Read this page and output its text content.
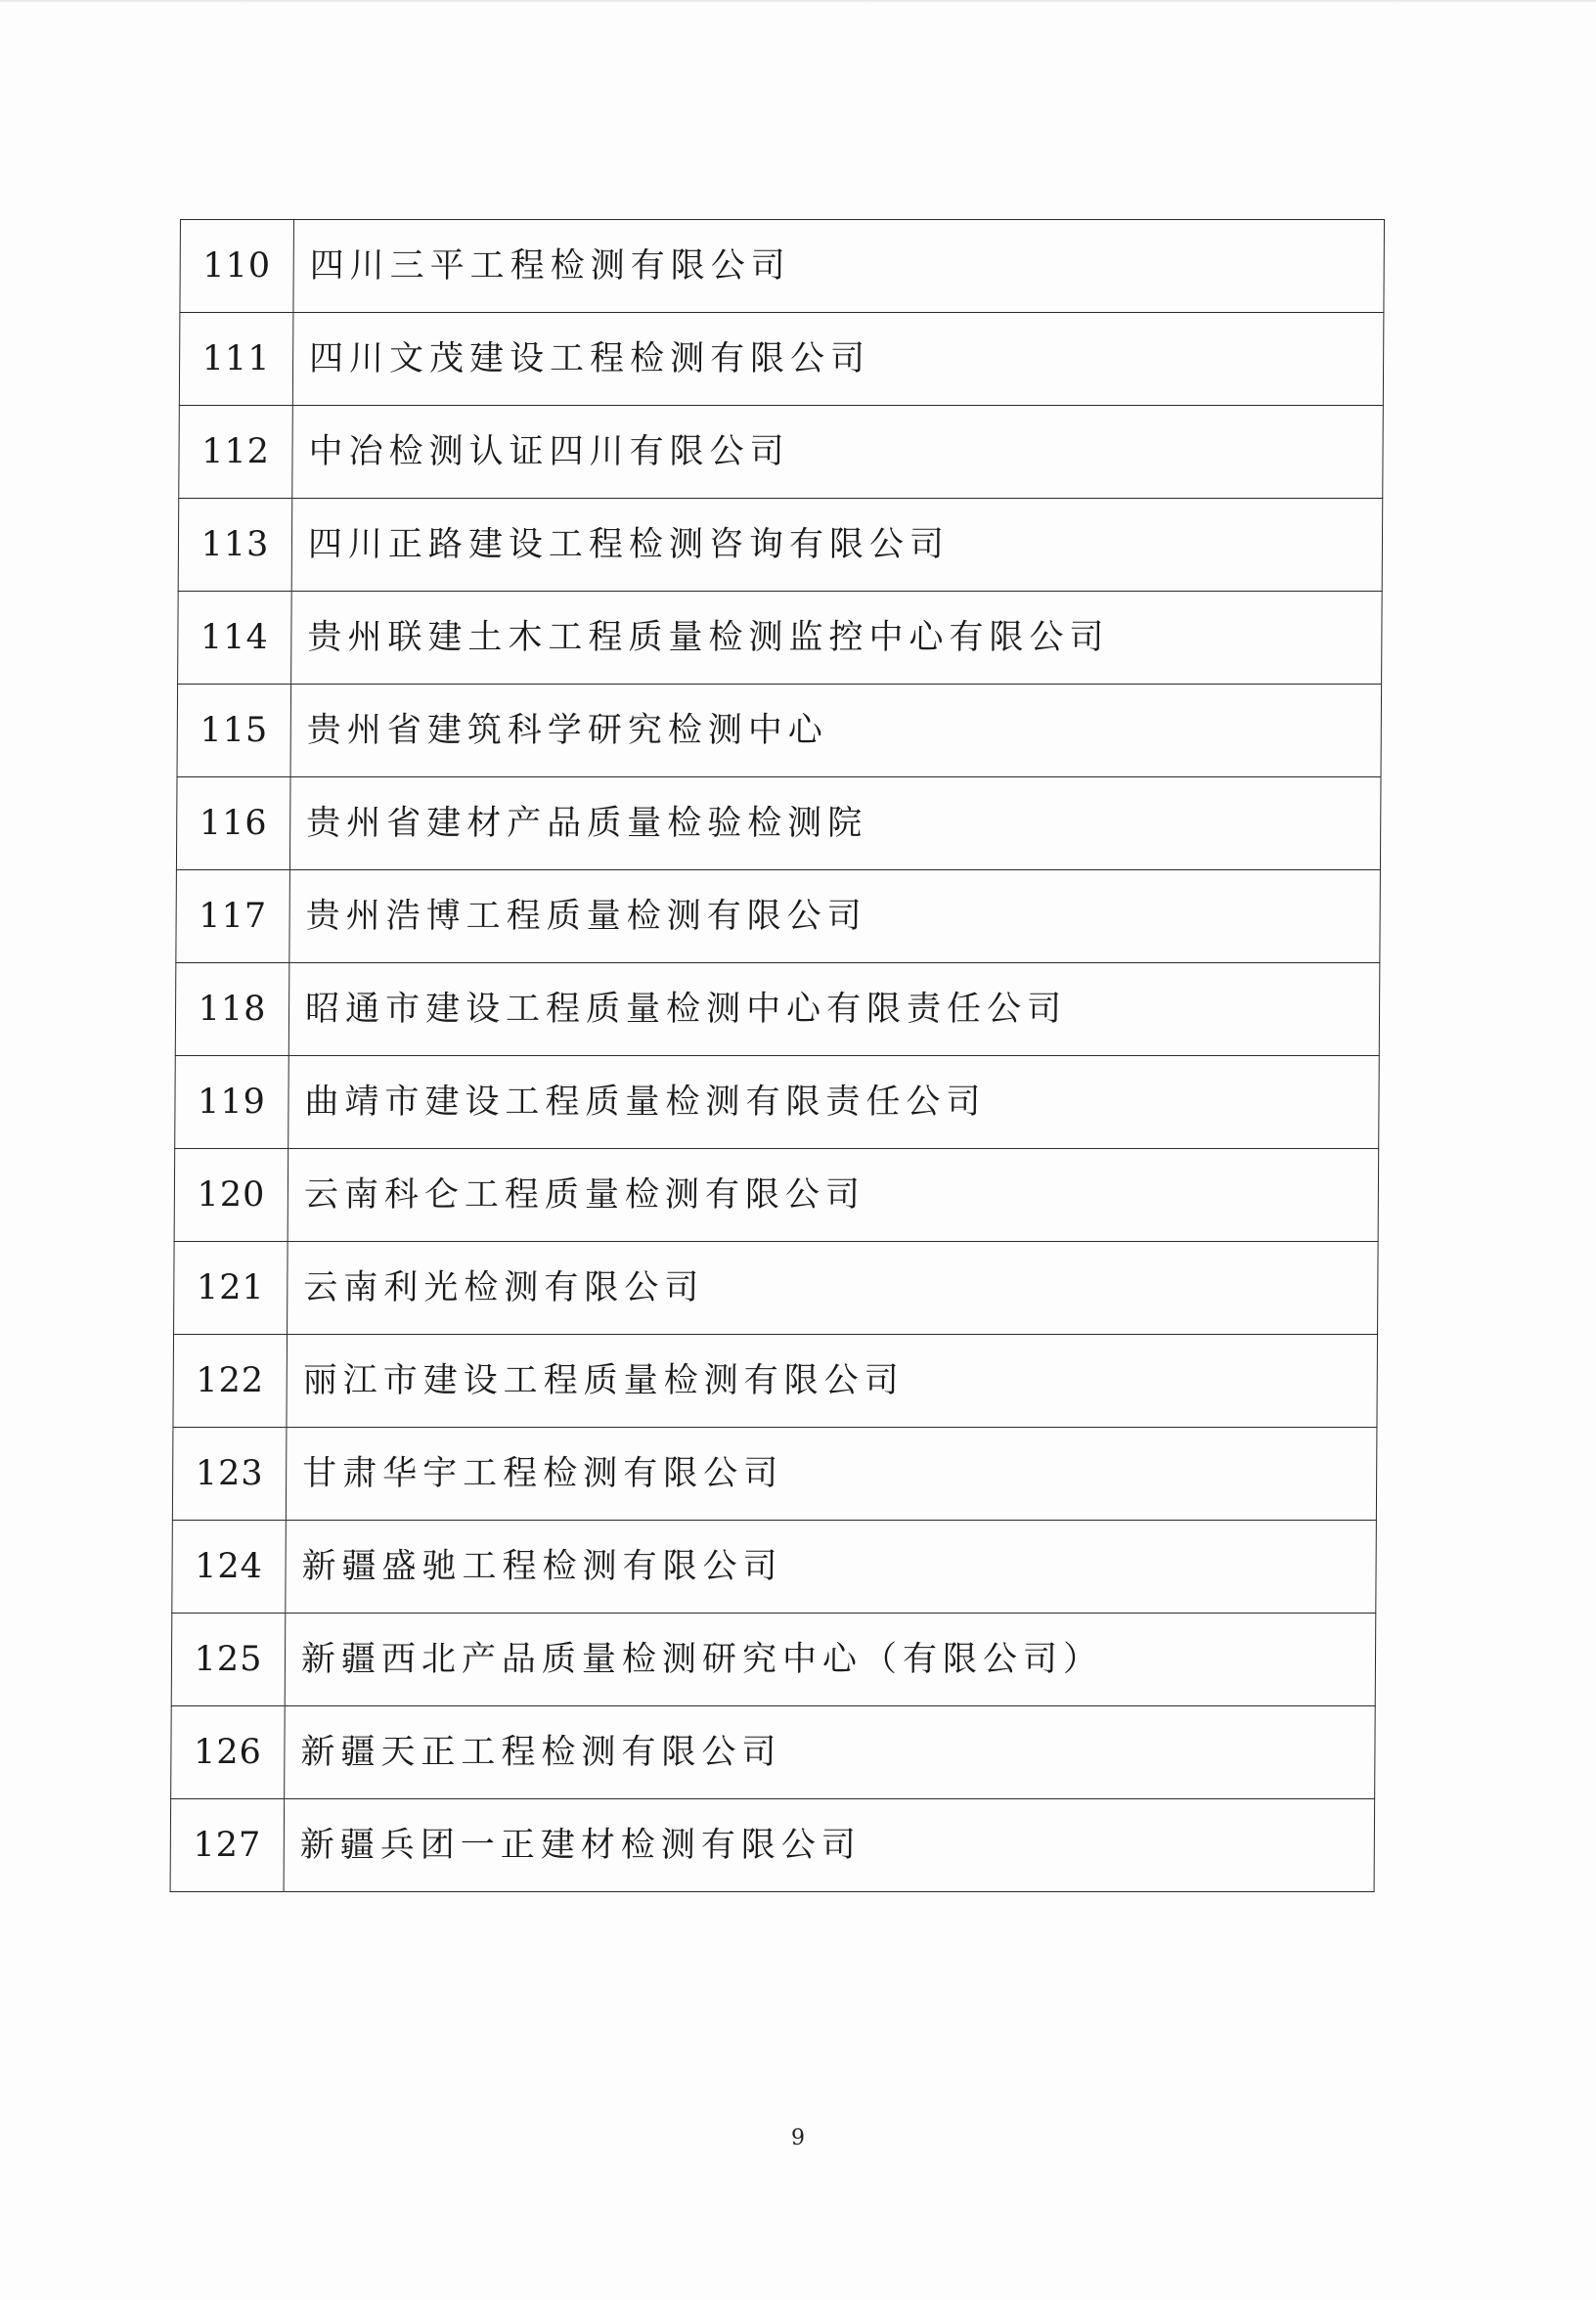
110	四川三平工程检测有限公司
111	四川文茂建设工程检测有限公司
112	中冶检测认证四川有限公司
113	四川正路建设工程检测咨询有限公司
114	贵州联建土木工程质量检测监控中心有限公司
115	贵州省建筑科学研究检测中心
116	贵州省建材产品质量检验检测院
117	贵州浩博工程质量检测有限公司
118	昭通市建设工程质量检测中心有限责任公司
119	曲靖市建设工程质量检测有限责任公司
120	云南科仑工程质量检测有限公司
121	云南利光检测有限公司
122	丽江市建设工程质量检测有限公司
123	甘肃华宇工程检测有限公司
124	新疆盛驰工程检测有限公司
125	新疆西北产品质量检测研究中心（有限公司）
126	新疆天正工程检测有限公司
127	新疆兵团一正建材检测有限公司
9
